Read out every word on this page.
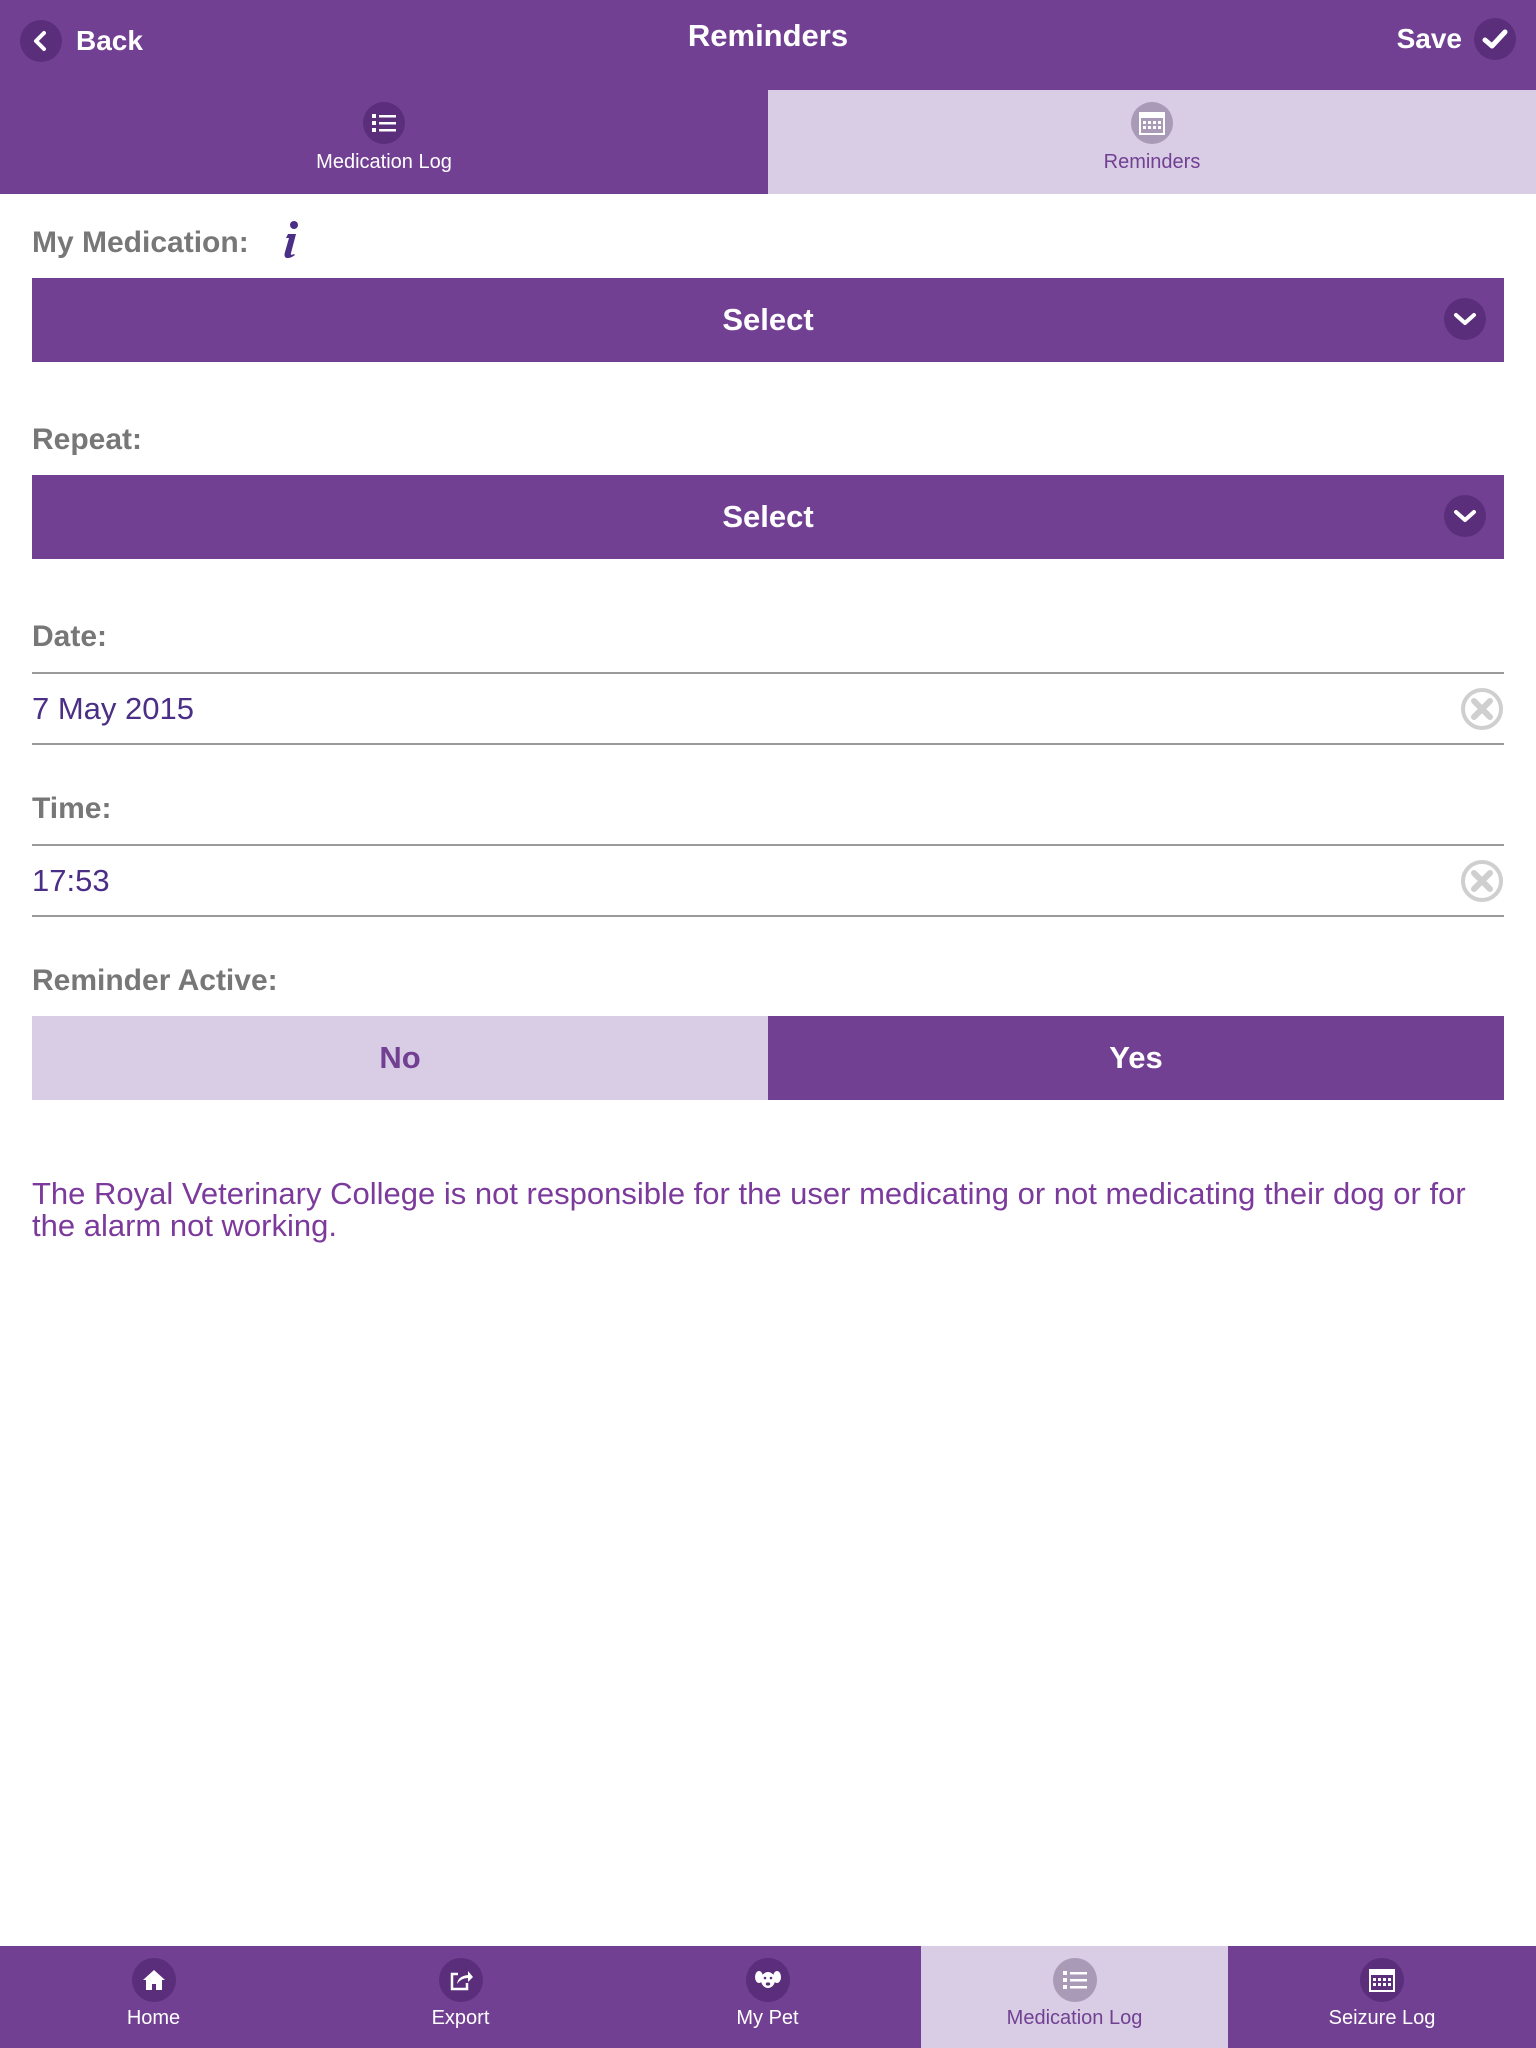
Back	Reminders	Save
Medication Log	Reminders
My Medication:
Select
Repeat:
Select
Date:
7 May 2015
Time:
17:53
Reminder Active:
No	Yes
The Royal Veterinary College is not responsible for the user medicating or not medicating their dog or for the alarm not working.
Home	Export	My Pet	Medication Log	Seizure Log
